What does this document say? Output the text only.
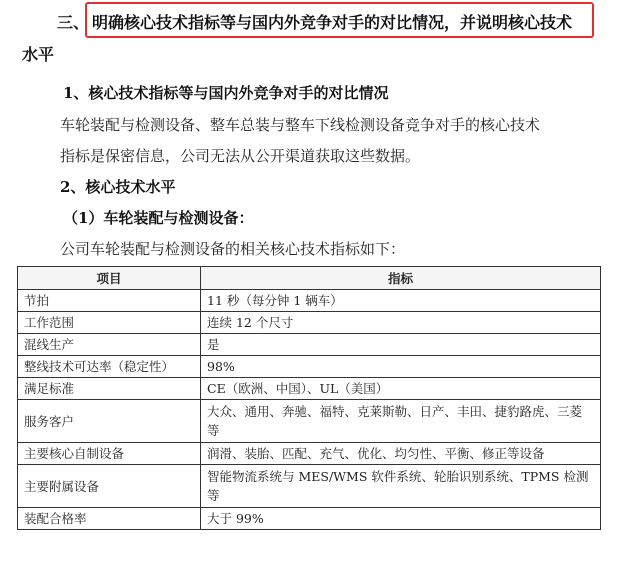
三、 明确核心技术指标等与国内外竞争对手的对比情况，并说明核心技术
水平
1、核心技术指标等与国内外竞争对手的对比情况
车轮装配与检测设备、整车总装与整车下线检测设备竞争对手的核心技术
指标是保密信息，公司无法从公开渠道获取这些数据。
2、核心技术水平
（1）车轮装配与检测设备：
公司车轮装配与检测设备的相关核心技术指标如下：
项目	指标
节拍	11 秒（每分钟 1 辆车）
工作范围	连续 12 个尺寸
混线生产	是
整线技术可达率（稳定性）	98%
满足标准	CE（欧洲、中国）、UL（美国）
服务客户	大众、通用、奔驰、福特、克莱斯勒、日产、丰田、捷豹路虎、三菱等
主要核心自制设备	润滑、装胎、匹配、充气、优化、均匀性、平衡、修正等设备
主要附属设备	智能物流系统与 MES/WMS 软件系统、轮胎识别系统、TPMS 检测等
装配合格率	大于 99%
